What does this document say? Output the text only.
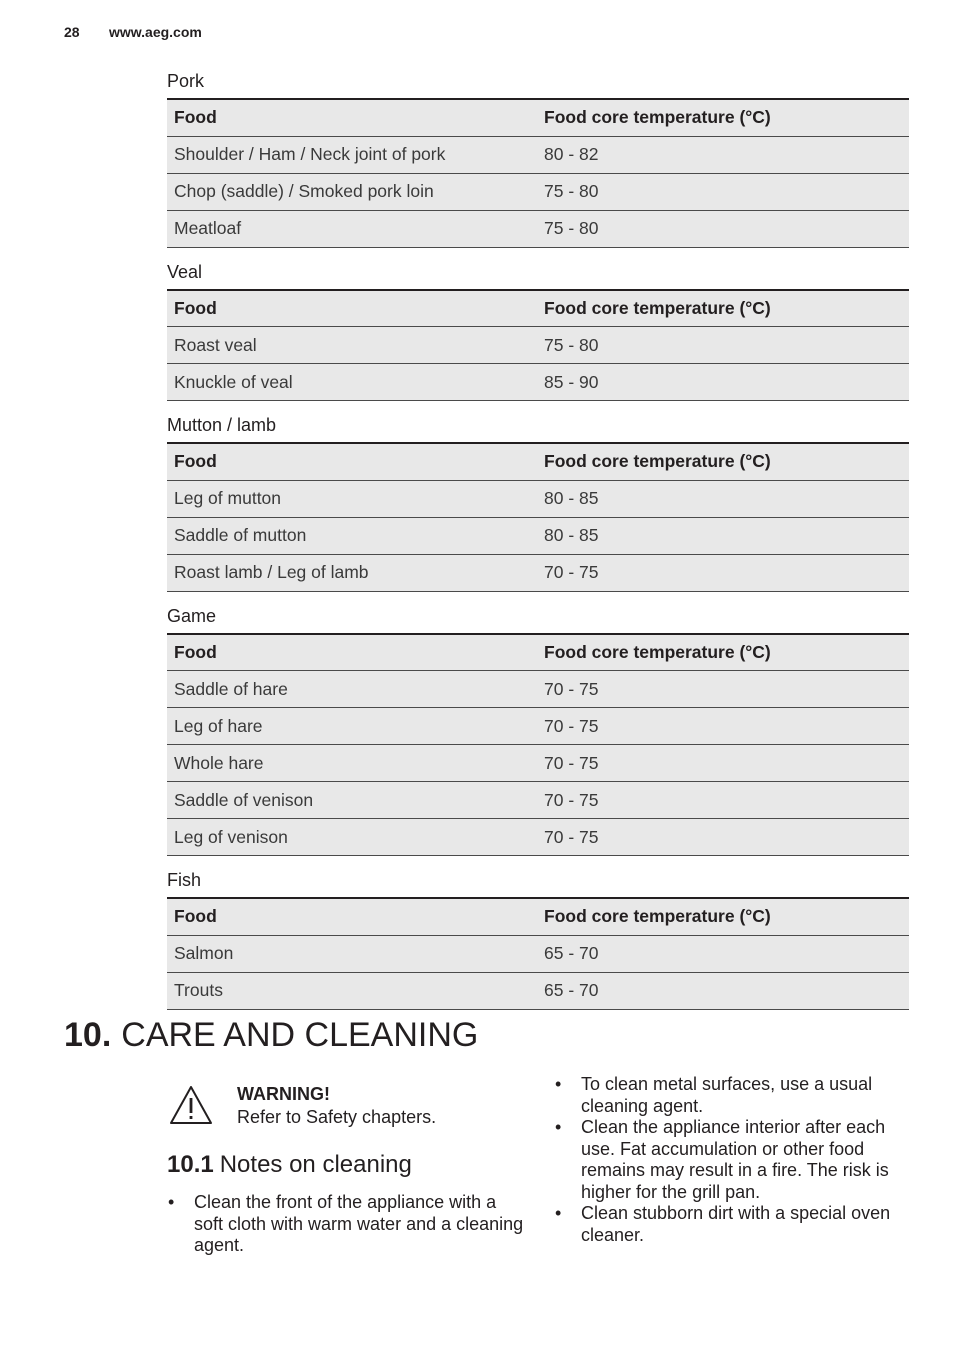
28 www.aeg.com
Pork
Food	Food core temperature (°C)
Shoulder / Ham / Neck joint of pork	80 - 82
Chop (saddle) / Smoked pork loin	75 - 80
Meatloaf	75 - 80
Veal
Food	Food core temperature (°C)
Roast veal	75 - 80
Knuckle of veal	85 - 90
Mutton / lamb
Food	Food core temperature (°C)
Leg of mutton	80 - 85
Saddle of mutton	80 - 85
Roast lamb / Leg of lamb	70 - 75
Game
Food	Food core temperature (°C)
Saddle of hare	70 - 75
Leg of hare	70 - 75
Whole hare	70 - 75
Saddle of venison	70 - 75
Leg of venison	70 - 75
Fish
Food	Food core temperature (°C)
Salmon	65 - 70
Trouts	65 - 70
10. CARE AND CLEANING
WARNING!
Refer to Safety chapters.
10.1 Notes on cleaning
• Clean the front of the appliance with a soft cloth with warm water and a cleaning agent.
• To clean metal surfaces, use a usual cleaning agent.
• Clean the appliance interior after each use. Fat accumulation or other food remains may result in a fire. The risk is higher for the grill pan.
• Clean stubborn dirt with a special oven cleaner.
